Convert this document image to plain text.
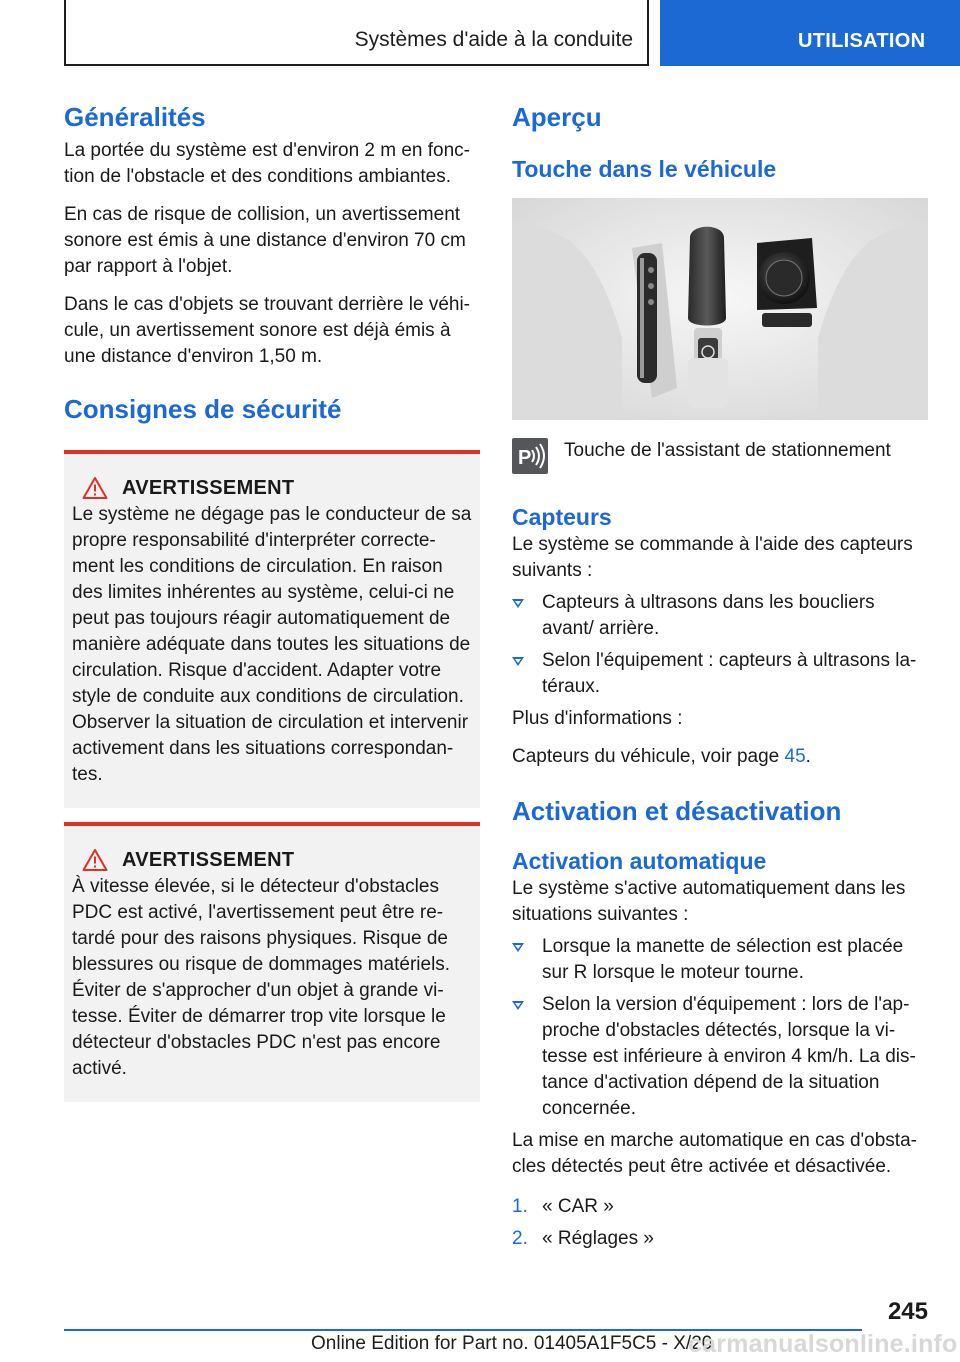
Systèmes d'aide à la conduite	UTILISATION
Généralités

La portée du système est d'environ 2 m en fonc‐tion de l'obstacle et des conditions ambiantes.

En cas de risque de collision, un avertissement sonore est émis à une distance d'environ 70 cm par rapport à l'objet.

Dans le cas d'objets se trouvant derrière le véhi‐cule, un avertissement sonore est déjà émis à une distance d'environ 1,50 m.

Consignes de sécurité
AVERTISSEMENT

Le système ne dégage pas le conducteur de sa propre responsabilité d'interpréter correcte‐ment les conditions de circulation. En raison des limites inhérentes au système, celui-ci ne peut pas toujours réagir automatiquement de manière adéquate dans toutes les situations de circulation. Risque d'accident. Adapter votre style de conduite aux conditions de circulation. Observer la situation de circulation et intervenir activement dans les situations correspondan‐tes.

AVERTISSEMENT

À vitesse élevée, si le détecteur d'obstacles PDC est activé, l'avertissement peut être re‐tardé pour des raisons physiques. Risque de blessures ou risque de dommages matériels. Éviter de s'approcher d'un objet à grande vi‐tesse. Éviter de démarrer trop vite lorsque le détecteur d'obstacles PDC n'est pas encore activé.

Aperçu
Touche dans le véhicule
P Touche de l'assistant de stationnement

Capteurs

Le système se commande à l'aide des capteurs suivants :

Capteurs à ultrasons dans les boucliers avant/ arrière.
Selon l'équipement : capteurs à ultrasons la‐téraux.

Plus d'informations :

Capteurs du véhicule, voir page 45.

Activation et désactivation
Activation automatique

Le système s'active automatiquement dans les situations suivantes :

Lorsque la manette de sélection est placée sur R lorsque le moteur tourne.
Selon la version d'équipement : lors de l'ap‐proche d'obstacles détectés, lorsque la vi‐tesse est inférieure à environ 4 km/h. La dis‐tance d'activation dépend de la situation concernée.

La mise en marche automatique en cas d'obsta‐cles détectés peut être activée et désactivée.

1. « CAR »
2. « Réglages »
245
Online Edition for Part no. 01405A1F5C5 - X/20
carmanualsonline.info
